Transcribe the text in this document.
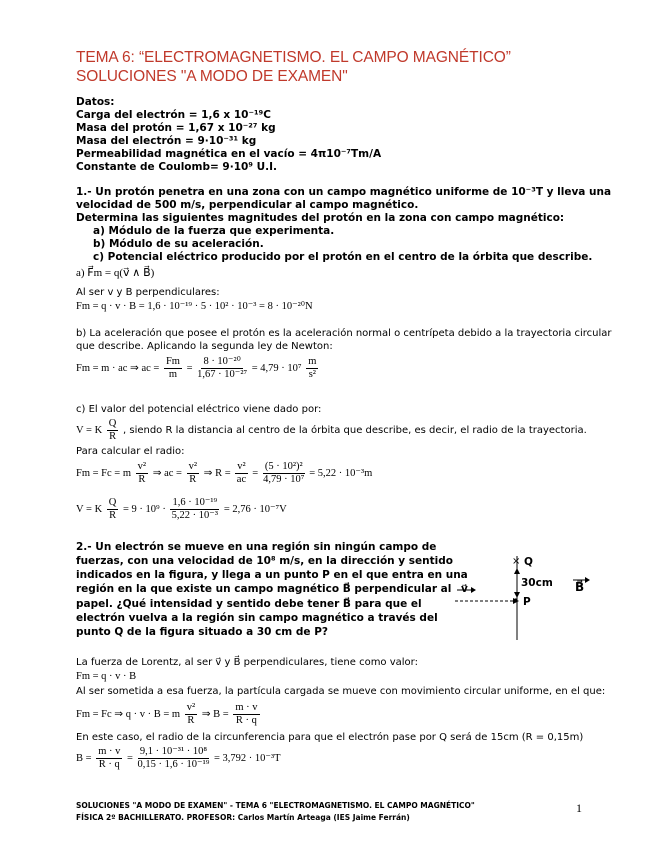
TEMA 6: “ELECTROMAGNETISMO. EL CAMPO MAGNÉTICO”
SOLUCIONES "A MODO DE EXAMEN"
Datos:
Carga del electrón = 1,6 x 10⁻¹⁹C
Masa del protón = 1,67 x 10⁻²⁷ kg
Masa del electrón = 9·10⁻³¹ kg
Permeabilidad magnética en el vacío = 4π10⁻⁷Tm/A
Constante de Coulomb= 9·10⁹ U.I.
1.- Un protón penetra en una zona con un campo magnético uniforme de 10⁻³T y lleva una
velocidad de 500 m/s, perpendicular al campo magnético.
Determina las siguientes magnitudes del protón en la zona con campo magnético:
a) Módulo de la fuerza que experimenta.
b) Módulo de su aceleración.
c) Potencial eléctrico producido por el protón en el centro de la órbita que describe.
a) F⃗m = q(v⃗ ∧ B⃗)
Al ser v y B perpendiculares:
Fm = q · v · B = 1,6 · 10⁻¹⁹ · 5 · 10² · 10⁻³ = 8 · 10⁻²⁰N
b) La aceleración que posee el protón es la aceleración normal o centrípeta debido a la trayectoria circular
que describe. Aplicando la segunda ley de Newton:
Fm = m · ac ⇒ ac = $\frac{Fm}{m} = \frac{\text{8 · 10⁻²⁰}}{\text{1,67 · 10⁻²⁷}} = 4,79 \cdot 10^7 \frac{m}{\text{s²}}$
c) El valor del potencial eléctrico viene dado por:
V = K $\frac{Q}{R}$ , siendo R la distancia al centro de la órbita que describe, es decir, el radio de la trayectoria.
Para calcular el radio:
Fm = Fc = m $\frac{\text{v²}}{R}$ ⇒ ac = $\frac{\text{v²}}{R}$ ⇒ $R = \frac{\text{v²}}{ac} = \frac{\text{(5 · 10²)²}}{\text{4,79 · 10⁷}} = 5,22 \cdot 10^{-3}m$
V = K $\frac{Q}{R} = 9 \cdot 10^9 \cdot \frac{\text{1,6 · 10⁻¹⁹}}{\text{5,22 · 10⁻³}} = 2,76 \cdot 10^{-7}V$
2.- Un electrón se mueve en una región sin ningún campo de
fuerzas, con una velocidad de 10⁸ m/s, en la dirección y sentido
indicados en la figura, y llega a un punto P en el que entra en una
región en la que existe un campo magnético B⃗ perpendicular al
papel. ¿Qué intensidad y sentido debe tener B⃗ para que el
electrón vuelva a la región sin campo magnético a través del
punto Q de la figura situado a 30 cm de P?
×
•
Q
30cm
P
v⃗	B⃗
La fuerza de Lorentz, al ser v⃗ y B⃗ perpendiculares, tiene como valor:
Fm = q · v · B
Al ser sometida a esa fuerza, la partícula cargada se mueve con movimiento circular uniforme, en el que:
Fm = Fc ⇒ q · v · B = m $\frac{\text{v²}}{R}$ ⇒ $B = \frac{m \cdot v}{R \cdot q}$
En este caso, el radio de la circunferencia para que el electrón pase por Q será de 15cm (R = 0,15m)
$B = \frac{m \cdot v}{R \cdot q} = \frac{\text{9,1 · 10⁻³¹ · 10⁸}}{\text{0,15 · 1,6 · 10⁻¹⁹}} = 3,792 \cdot 10^{-3}T$
SOLUCIONES "A MODO DE EXAMEN" - TEMA 6 "ELECTROMAGNETISMO. EL CAMPO MAGNÉTICO"
FÍSICA 2º BACHILLERATO. PROFESOR: Carlos Martín Arteaga (IES Jaime Ferrán)
1
